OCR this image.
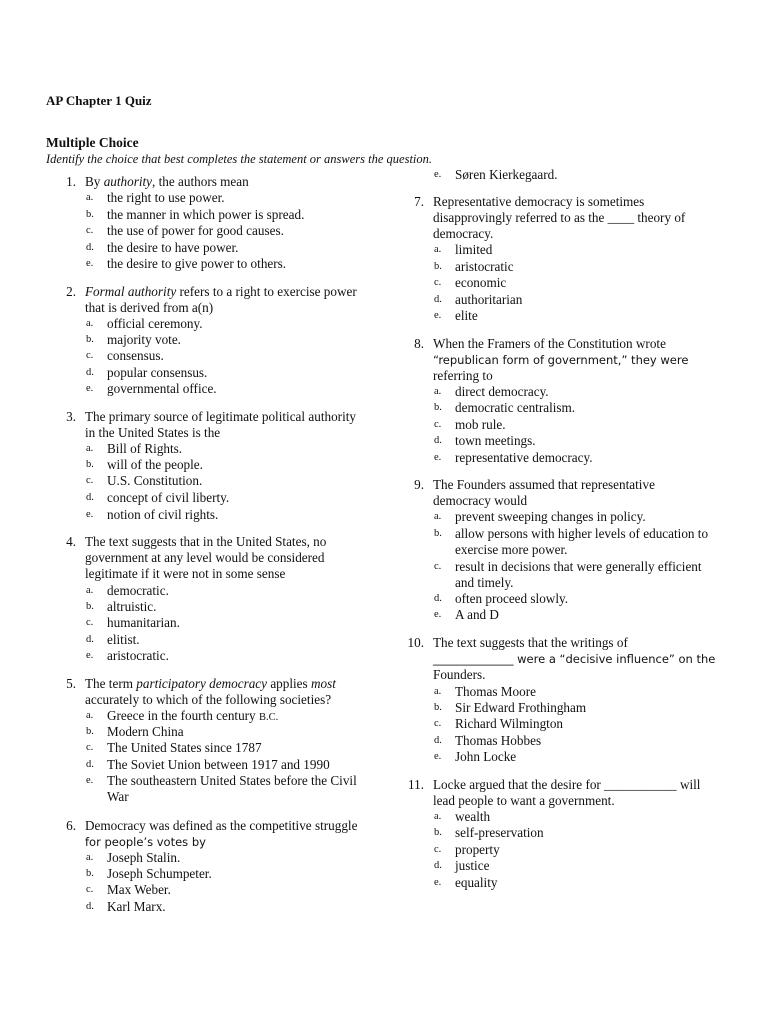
AP Chapter 1 Quiz
Multiple Choice
Identify the choice that best completes the statement or answers the question.
1. By authority, the authors mean
a. the right to use power.
b. the manner in which power is spread.
c. the use of power for good causes.
d. the desire to have power.
e. the desire to give power to others.
2. Formal authority refers to a right to exercise power
that is derived from a(n)
a. official ceremony.
b. majority vote.
c. consensus.
d. popular consensus.
e. governmental office.
3. The primary source of legitimate political authority
in the United States is the
a. Bill of Rights.
b. will of the people.
c. U.S. Constitution.
d. concept of civil liberty.
e. notion of civil rights.
4. The text suggests that in the United States, no
government at any level would be considered
legitimate if it were not in some sense
a. democratic.
b. altruistic.
c. humanitarian.
d. elitist.
e. aristocratic.
5. The term participatory democracy applies most
accurately to which of the following societies?
a. Greece in the fourth century B.C.
b. Modern China
c. The United States since 1787
d. The Soviet Union between 1917 and 1990
e. The southeastern United States before the Civil
War
6. Democracy was defined as the competitive struggle
for people’s votes by
a. Joseph Stalin.
b. Joseph Schumpeter.
c. Max Weber.
d. Karl Marx.
e. Søren Kierkegaard.
7. Representative democracy is sometimes
disapprovingly referred to as the ____ theory of
democracy.
a. limited
b. aristocratic
c. economic
d. authoritarian
e. elite
8. When the Framers of the Constitution wrote
“republican form of government,” they were
referring to
a. direct democracy.
b. democratic centralism.
c. mob rule.
d. town meetings.
e. representative democracy.
9. The Founders assumed that representative
democracy would
a. prevent sweeping changes in policy.
b. allow persons with higher levels of education to
exercise more power.
c. result in decisions that were generally efficient
and timely.
d. often proceed slowly.
e. A and D
10. The text suggests that the writings of
______________ were a “decisive influence” on the
Founders.
a. Thomas Moore
b. Sir Edward Frothingham
c. Richard Wilmington
d. Thomas Hobbes
e. John Locke
11. Locke argued that the desire for ___________ will
lead people to want a government.
a. wealth
b. self-preservation
c. property
d. justice
e. equality
